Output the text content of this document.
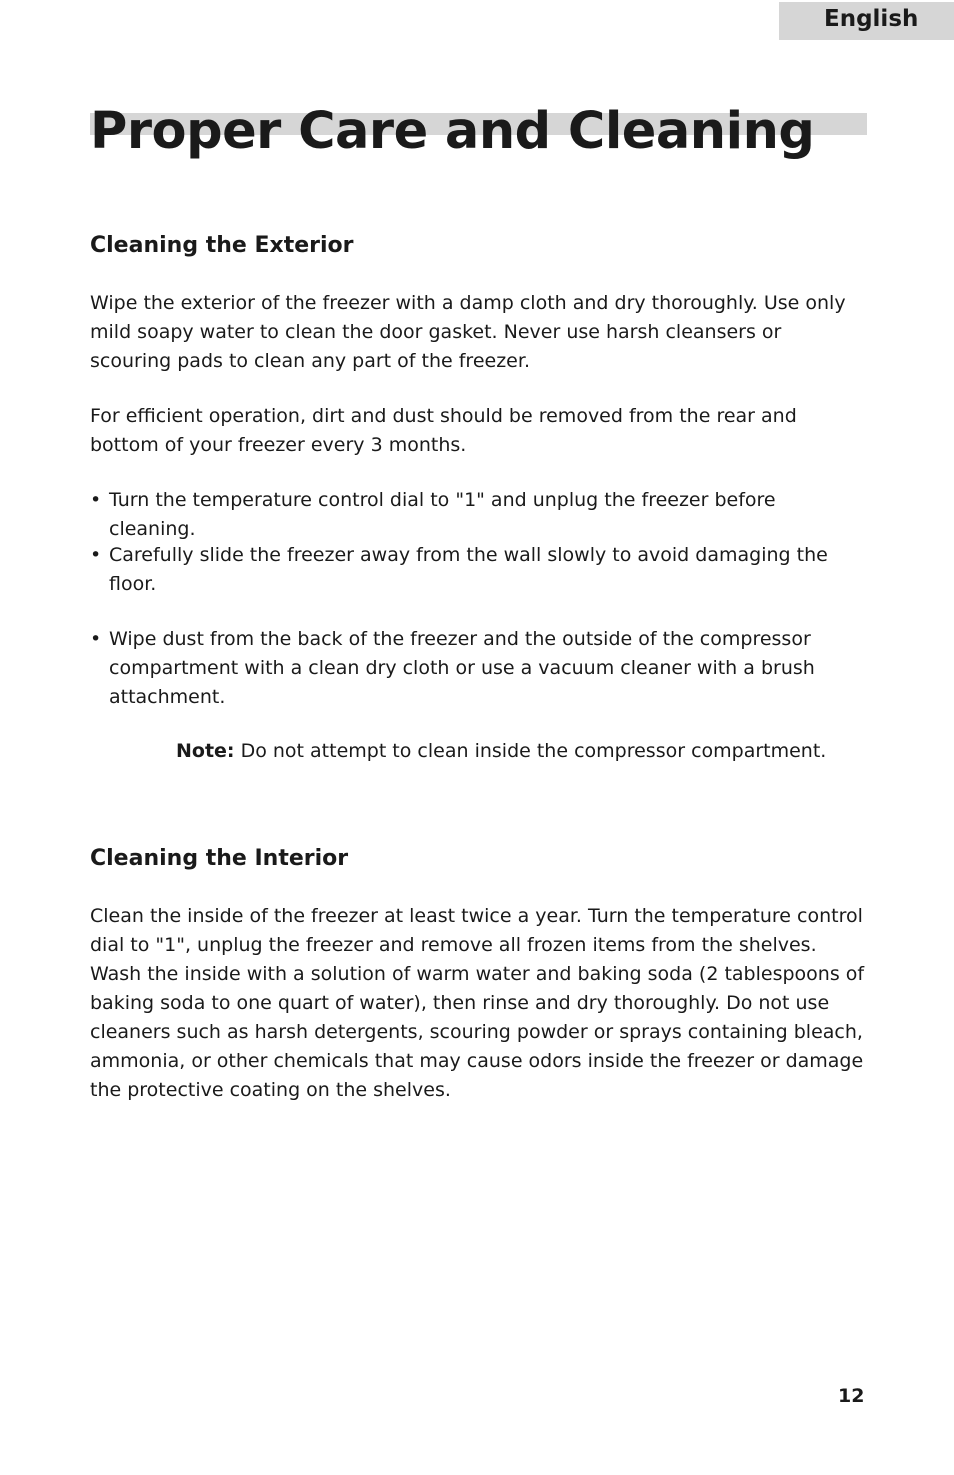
English
Proper Care and Cleaning
Cleaning the Exterior

Wipe the exterior of the freezer with a damp cloth and dry thoroughly. Use only mild soapy water to clean the door gasket. Never use harsh cleansers or scouring pads to clean any part of the freezer.

For efficient operation, dirt and dust should be removed from the rear and bottom of your freezer every 3 months.

• Turn the temperature control dial to "1" and unplug the freezer before cleaning.
• Carefully slide the freezer away from the wall slowly to avoid damaging the floor.
• Wipe dust from the back of the freezer and the outside of the compressor compartment with a clean dry cloth or use a vacuum cleaner with a brush attachment.

Note: Do not attempt to clean inside the compressor compartment.

Cleaning the Interior

Clean the inside of the freezer at least twice a year. Turn the temperature control dial to "1", unplug the freezer and remove all frozen items from the shelves. Wash the inside with a solution of warm water and baking soda (2 tablespoons of baking soda to one quart of water), then rinse and dry thoroughly. Do not use cleaners such as harsh detergents, scouring powder or sprays containing bleach, ammonia, or other chemicals that may cause odors inside the freezer or damage the protective coating on the shelves.

12
